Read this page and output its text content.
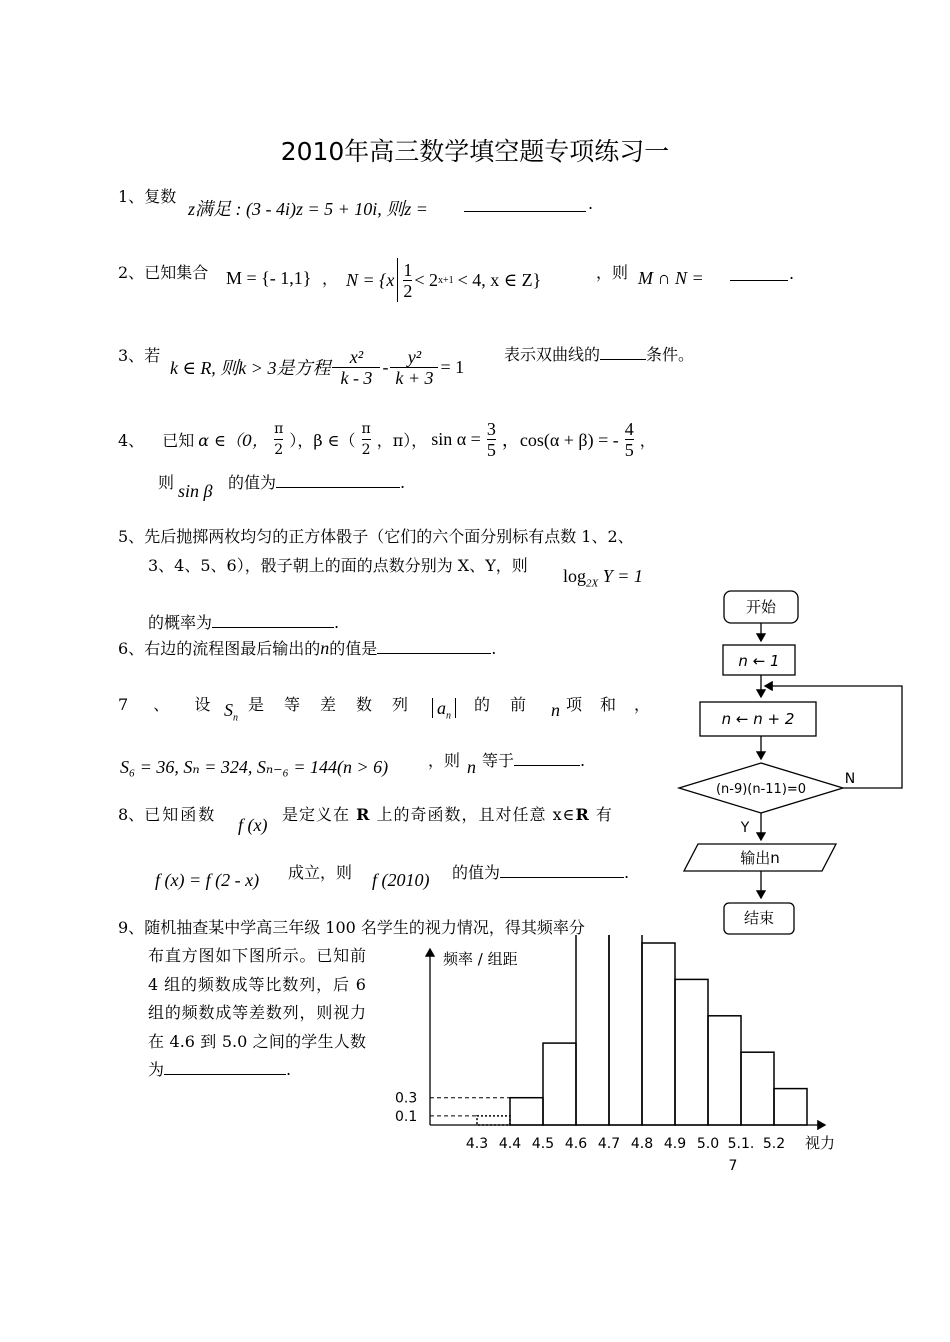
2010年高三数学填空题专项练习一
1、复数
z满足 : (3 - 4i)z = 5 + 10i, 则z =	.
2、已知集合 M = {- 1,1} ， $N = \{x \frac{1}{2} < 2$ x+1 < 4, x ∈ Z}	，则 M ∩ N =	.
3、若
k ∈ R, 则k > 3是方程 $\frac{\text{x²}}{k - 3} - \frac{\text{y²}}{k + 3} = 1$
表示双曲线的	条件。
4、 已知 α ∈（0， $\frac{\pi}{2}$ ），β ∈（ $\frac{\pi}{2}$ ，π）， $\sin \alpha = \frac{3}{5}$ ，cos(α + β) = - $\frac{4}{5}$ ，
则 sin β 的值为	.
5、先后抛掷两枚均匀的正方体骰子（它们的六个面分别标有点数 1、2、
3、4、5、6），骰子朝上的面的点数分别为 X、Y，则
$\log_{2X} Y = 1$
的概率为	.
6、右边的流程图最后输出的n的值是	.
7 、 设 $S_n$
是等差数列 $a_n$
的前 n 项和，
S₆ = 36, Sₙ = 324, Sₙ₋₆ = 144(n > 6) ，则 n 等于	.
8、已知函数
f (x)
是定义在 R 上的奇函数，且对任意 x∈R 有
f (x) = f (2 - x) 成立，则 f (2010) 的值为	.
9、随机抽查某中学高三年级 100 名学生的视力情况，得其频率分
布直方图如下图所示。已知前 4 组的频数成等比数列，后 6 组的频数成等差数列，则视力在 4.6 到 5.0 之间的学生人数为	.
开始
n ← 1
n ← n + 2
(n-9)(n-11)=0
输出n
结束
N
Y
频率 / 组距
视力
7
4.3 4.4 4.5 4.6 4.7 4.8 4.9 5.0 5.1. 5.2
0.3
0.1
